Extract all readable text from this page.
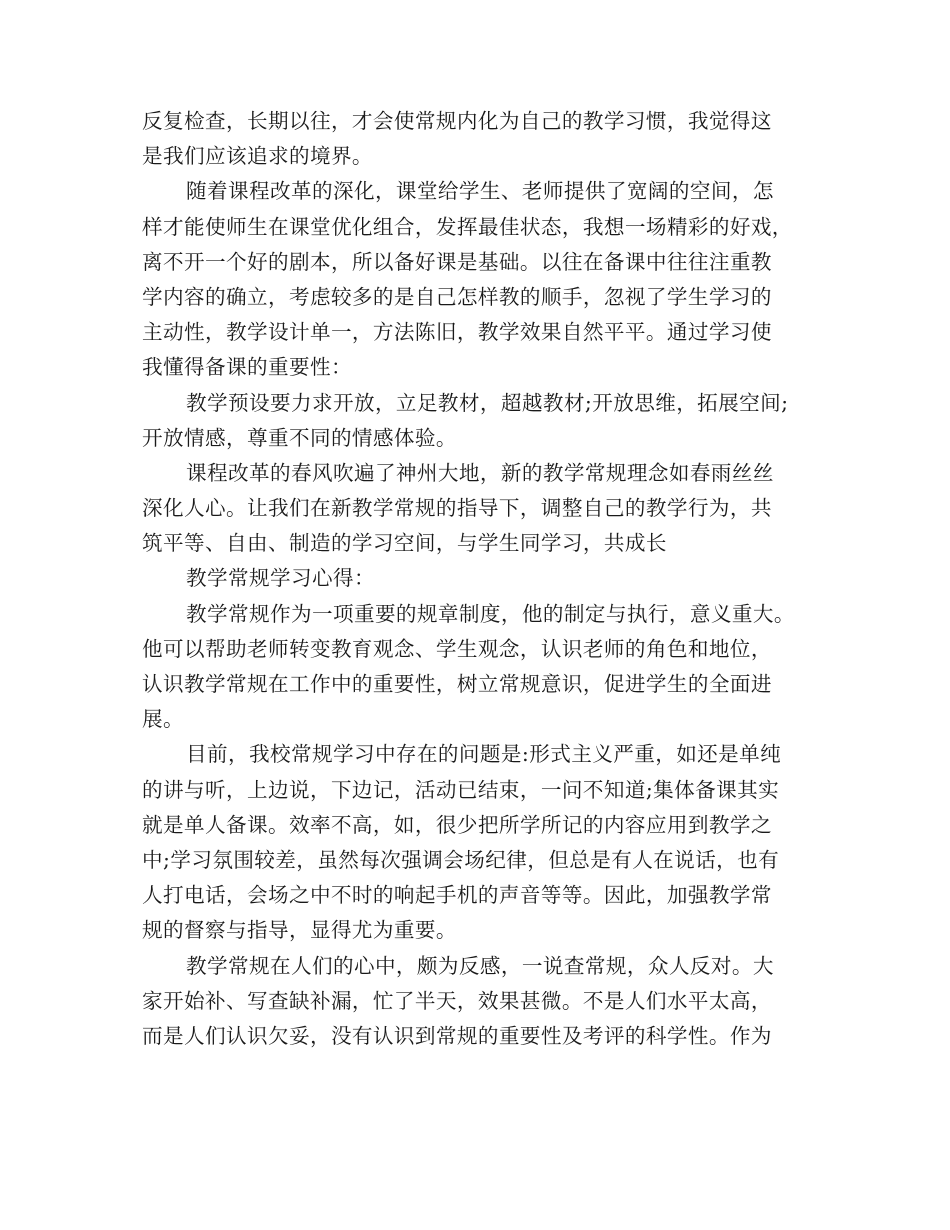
反复检查，长期以往，才会使常规内化为自己的教学习惯，我觉得这
是我们应该追求的境界。
随着课程改革的深化，课堂给学生、老师提供了宽阔的空间，怎
样才能使师生在课堂优化组合，发挥最佳状态，我想一场精彩的好戏，
离不开一个好的剧本，所以备好课是基础。以往在备课中往往注重教
学内容的确立，考虑较多的是自己怎样教的顺手，忽视了学生学习的
主动性，教学设计单一，方法陈旧，教学效果自然平平。通过学习使
我懂得备课的重要性：
教学预设要力求开放，立足教材，超越教材;开放思维，拓展空间;
开放情感，尊重不同的情感体验。
课程改革的春风吹遍了神州大地，新的教学常规理念如春雨丝丝
深化人心。让我们在新教学常规的指导下，调整自己的教学行为，共
筑平等、自由、制造的学习空间，与学生同学习，共成长
教学常规学习心得：
教学常规作为一项重要的规章制度，他的制定与执行，意义重大。
他可以帮助老师转变教育观念、学生观念，认识老师的角色和地位，
认识教学常规在工作中的重要性，树立常规意识，促进学生的全面进
展。
目前，我校常规学习中存在的问题是:形式主义严重，如还是单纯
的讲与听，上边说，下边记，活动已结束，一问不知道;集体备课其实
就是单人备课。效率不高，如，很少把所学所记的内容应用到教学之
中;学习氛围较差，虽然每次强调会场纪律，但总是有人在说话，也有
人打电话，会场之中不时的响起手机的声音等等。因此，加强教学常
规的督察与指导，显得尤为重要。
教学常规在人们的心中，颇为反感，一说查常规，众人反对。大
家开始补、写查缺补漏，忙了半天，效果甚微。不是人们水平太高，
而是人们认识欠妥，没有认识到常规的重要性及考评的科学性。作为
